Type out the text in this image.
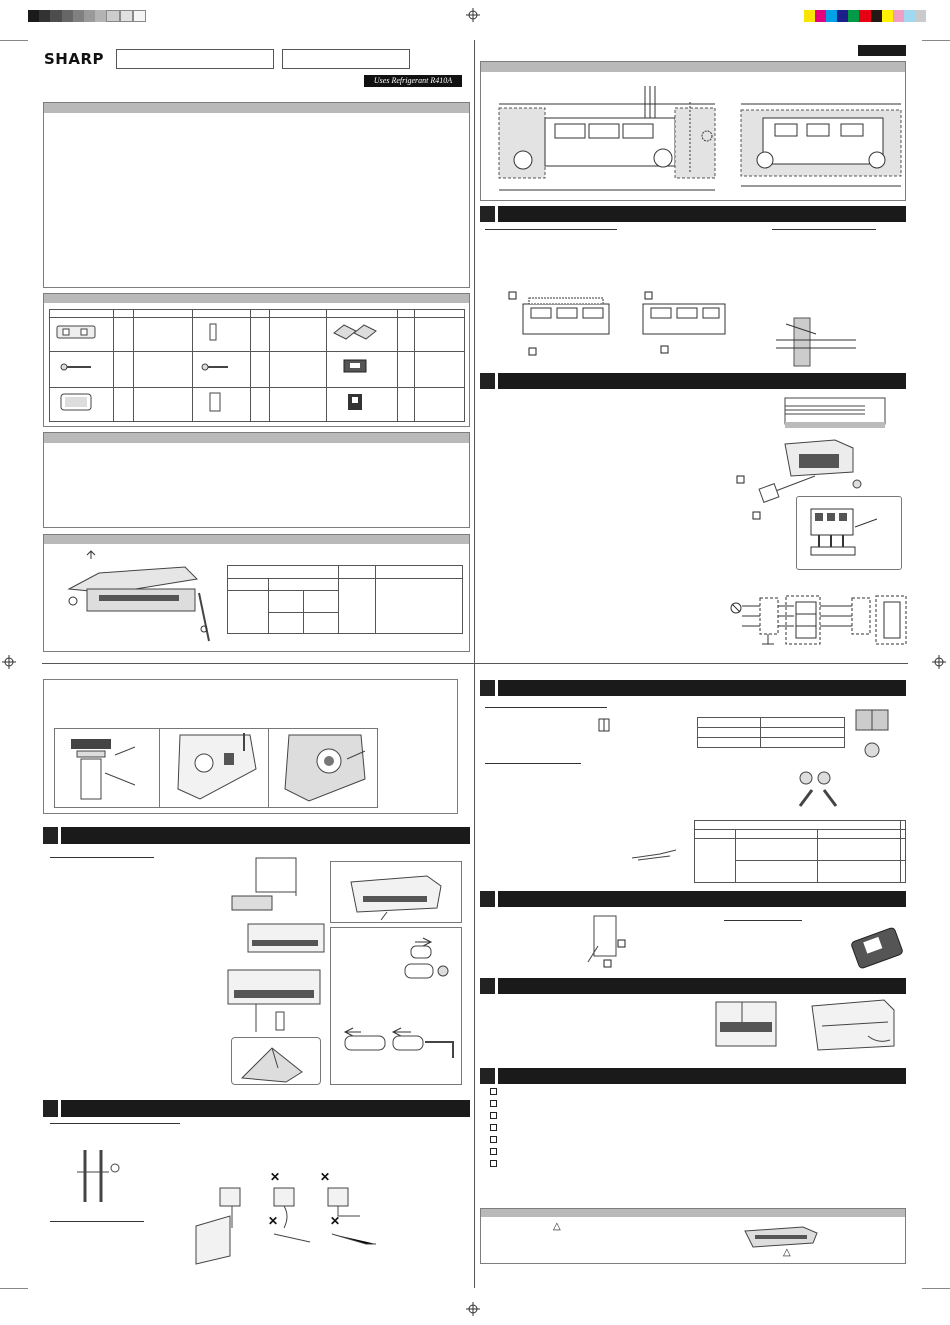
SHARP
Uses Refrigerant R410A

✕	✕
✕	✕

			△
△
